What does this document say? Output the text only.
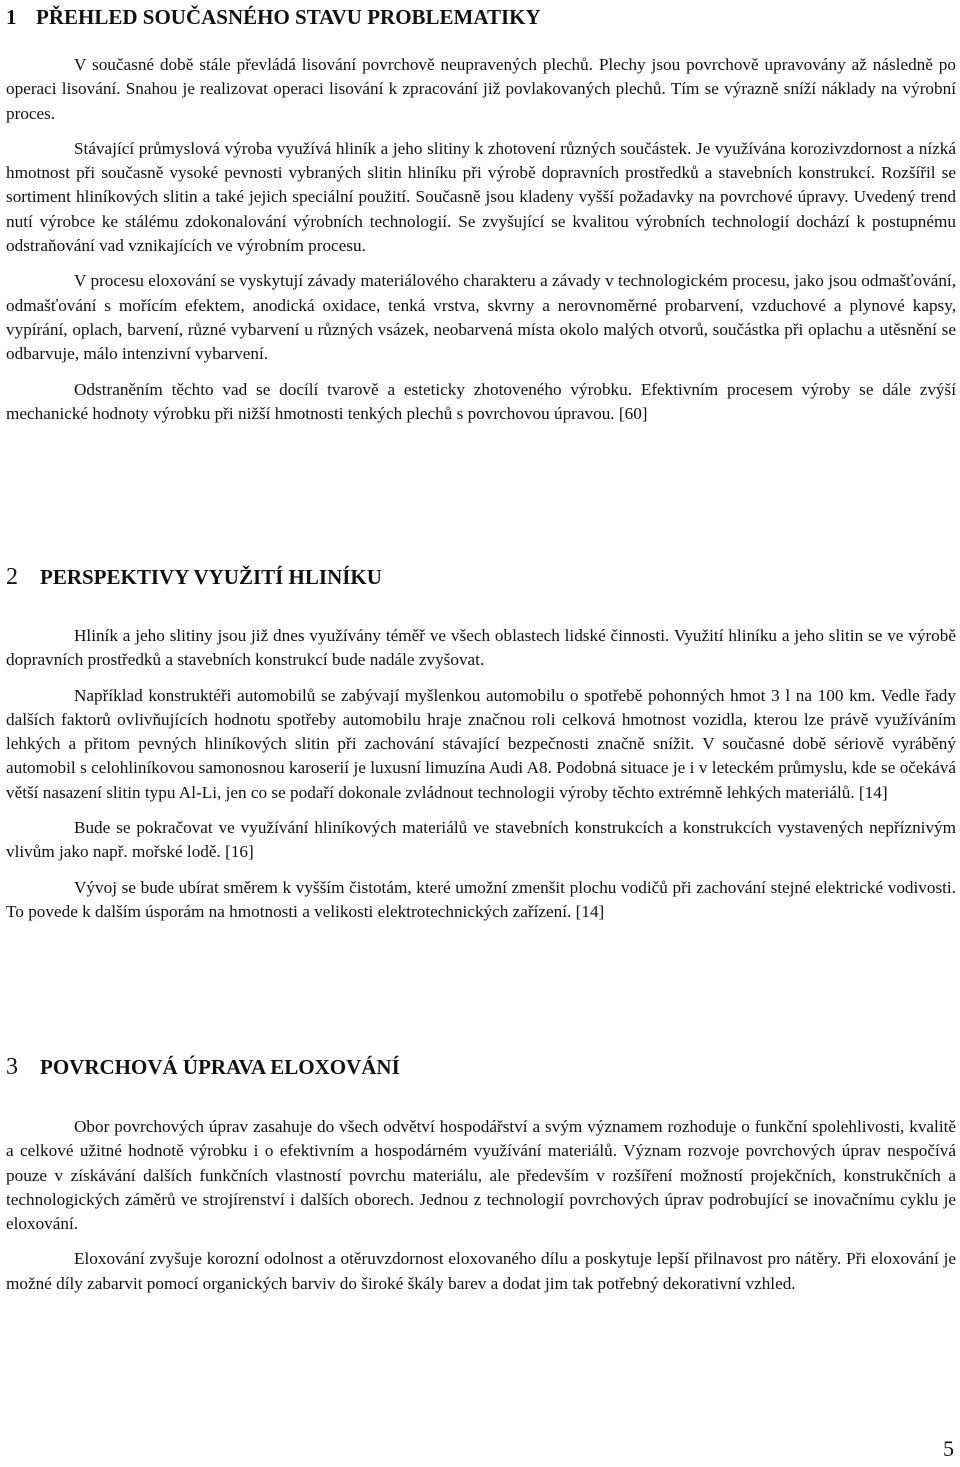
1 PŘEHLED SOUČASNÉHO STAVU PROBLEMATIKY

V současné době stále převládá lisování povrchově neupravených plechů. Plechy jsou povrchově upravovány až následně po operaci lisování. Snahou je realizovat operaci lisování k zpracování již povlakovaných plechů. Tím se výrazně sníží náklady na výrobní proces.

Stávající průmyslová výroba využívá hliník a jeho slitiny k zhotovení různých součástek. Je využívána korozivzdornost a nízká hmotnost při současně vysoké pevnosti vybraných slitin hliníku při výrobě dopravních prostředků a stavebních konstrukcí. Rozšířil se sortiment hliníkových slitin a také jejich speciální použití. Současně jsou kladeny vyšší požadavky na povrchové úpravy. Uvedený trend nutí výrobce ke stálému zdokonalování výrobních technologií. Se zvyšující se kvalitou výrobních technologií dochází k postupnému odstraňování vad vznikajících ve výrobním procesu.

V procesu eloxování se vyskytují závady materiálového charakteru a závady v technologickém procesu, jako jsou odmašťování, odmašťování s mořícím efektem, anodická oxidace, tenká vrstva, skvrny a nerovnoměrné probarvení, vzduchové a plynové kapsy, vypírání, oplach, barvení, různé vybarvení u různých vsázek, neobarvená místa okolo malých otvorů, součástka při oplachu a utěsnění se odbarvuje, málo intenzivní vybarvení.

Odstraněním těchto vad se docílí tvarově a esteticky zhotoveného výrobku. Efektivním procesem výroby se dále zvýší mechanické hodnoty výrobku při nižší hmotnosti tenkých plechů s povrchovou úpravou. [60]

2	PERSPEKTIVY VYUŽITÍ HLINÍKU

Hliník a jeho slitiny jsou již dnes využívány téměř ve všech oblastech lidské činnosti. Využití hliníku a jeho slitin se ve výrobě dopravních prostředků a stavebních konstrukcí bude nadále zvyšovat.

Například konstruktéři automobilů se zabývají myšlenkou automobilu o spotřebě pohonných hmot 3 l na 100 km. Vedle řady dalších faktorů ovlivňujících hodnotu spotřeby automobilu hraje značnou roli celková hmotnost vozidla, kterou lze právě využíváním lehkých a přitom pevných hliníkových slitin při zachování stávající bezpečnosti značně snížit. V současné době sériově vyráběný automobil s celohliníkovou samonosnou karoserií je luxusní limuzína Audi A8. Podobná situace je i v leteckém průmyslu, kde se očekává větší nasazení slitin typu Al-Li, jen co se podaří dokonale zvládnout technologii výroby těchto extrémně lehkých materiálů. [14]

Bude se pokračovat ve využívání hliníkových materiálů ve stavebních konstrukcích a konstrukcích vystavených nepříznivým vlivům jako např. mořské lodě. [16]

Vývoj se bude ubírat směrem k vyšším čistotám, které umožní zmenšit plochu vodičů při zachování stejné elektrické vodivosti. To povede k dalším úsporám na hmotnosti a velikosti elektrotechnických zařízení. [14]

3	POVRCHOVÁ ÚPRAVA ELOXOVÁNÍ

Obor povrchových úprav zasahuje do všech odvětví hospodářství a svým významem rozhoduje o funkční spolehlivosti, kvalitě a celkové užitné hodnotě výrobku i o efektivním a hospodárném využívání materiálů. Význam rozvoje povrchových úprav nespočívá pouze v získávání dalších funkčních vlastností povrchu materiálu, ale především v rozšíření možností projekčních, konstrukčních a technologických záměrů ve strojírenství i dalších oborech. Jednou z technologií povrchových úprav podrobující se inovačnímu cyklu je eloxování.

Eloxování zvyšuje korozní odolnost a otěruvzdornost eloxovaného dílu a poskytuje lepší přilnavost pro nátěry. Při eloxování je možné díly zabarvit pomocí organických barviv do široké škály barev a dodat jim tak potřebný dekorativní vzhled.

5
